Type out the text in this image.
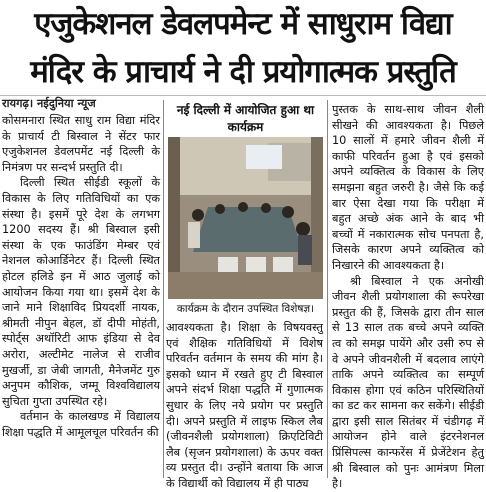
एजुकेशनल डेवलपमेन्ट में साधुराम विद्या
मंदिर के प्राचार्य ने दी प्रयोगात्मक प्रस्तुति
रायगढ़। नईदुनिया न्यूज

कोसमनारा स्थित साधु राम विद्या मंदिर के प्राचार्य टी बिस्वाल ने सेंटर फार एजुकेशनल डेवलपमेंट नई दिल्ली के निमंत्रण पर सन्दर्भ प्रस्तुति दी।

दिल्ली स्थित सीईडी स्कूलों के विकास के लिए गतिविधियों का एक संस्था है। इसमें पूरे देश के लगभग 1200 सदस्य हैं। श्री बिस्वाल इसी संस्था के एक फाउंडिंग मेम्बर एवं नेशनल कोआर्डिनेटर हैं। दिल्ली स्थित होटल हलिडे इन में आठ जुलाई को आयोजन किया गया था। इसमें देश के जाने माने शिक्षाविद प्रियदर्शी नायक, श्रीमती नीपुन बेहल, डॉ दीपी मोहंती, स्पोर्ट्स अथॉरिटी आफ इंडिया से देव अरोरा, अल्टीमेट नालेज से राजीव मुखर्जी, डा जेबी जागती, मैनेजमेंट गुरु अनुपम कौशिक, जम्मू विश्वविद्यालय सुचिता गुप्ता उपस्थित रहे।

वर्तमान के कालखण्ड में विद्यालय शिक्षा पद्धति में आमूलचूल परिवर्तन की

नई दिल्ली में आयोजित हुआ था कार्यक्रम
कार्यक्रम के दौरान उपस्थित विशेषज्ञ।

आवश्यकता है। शिक्षा के विषयवस्तु एवं शैक्षिक गतिविधियों में विशेष परिवर्तन वर्तमान के समय की मांग है। इसको ध्यान में रखते हुए टी बिस्वाल अपने संदर्भ शिक्षा पद्धति में गुणात्मक सुधार के लिए नये प्रयोग पर प्रस्तुति दी। अपने प्रस्तुति में लाइफ स्किल लैब (जीवनशैली प्रयोगशाला) क्रिएटिविटी लैब (सृजन प्रयोगशाला) के ऊपर वक्त व्य प्रस्तुत दी। उन्होंने बताया कि आज के विद्यार्थी को विद्यालय में ही पाठ्य

पुस्तक के साथ-साथ जीवन शैली सीखने की आवश्यकता है। पिछले 10 सालों में हमारे जीवन शैली में काफी परिवर्तन हुआ है एवं इसको अपने व्यक्तित्व के विकास के लिए समझना बहुत जरुरी है। जैसे कि कई बार ऐसा देखा गया कि परीक्षा में बहुत अच्छे अंक आने के बाद भी बच्चों में नकारात्मक सोच पनपता है, जिसके कारण अपने व्यक्तित्व को निखारने की आवश्यकता है।

श्री बिस्वाल ने एक अनोखी जीवन शैली प्रयोगशाला की रूपरेखा प्रस्तुत की हैं, जिसके द्वारा तीन साल से 13 साल तक बच्चे अपने व्यक्ति त्व को समझ पायेंगे और उसी रुप से वे अपने जीवनशैली में बदलाव लाएंगे ताकि अपने व्यक्तित्व का सम्पूर्ण विकास होगा एवं कठिन परिस्थितियों का डट कर सामना कर सकेंगे। सीईडी द्वारा इसी साल सितंबर में चंडीगढ़ में आयोजन होने वाले इंटरनेशनल प्रिंसिपल्स कान्फरेंस में प्रेजेंटेशन हेतु श्री बिस्वाल को पुनः आमंत्रण मिला है।
